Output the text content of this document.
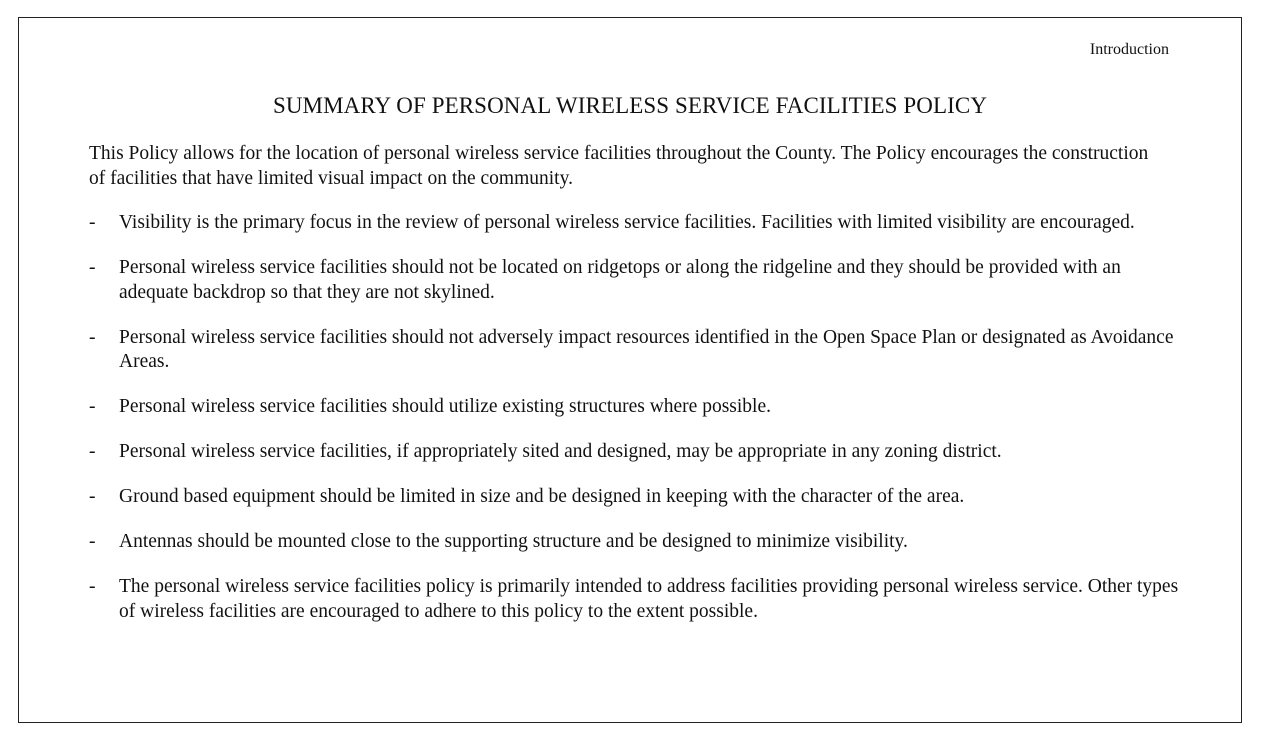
Introduction
SUMMARY OF PERSONAL WIRELESS SERVICE FACILITIES POLICY

This Policy allows for the location of personal wireless service facilities throughout the County. The Policy encourages the construction of facilities that have limited visual impact on the community.

- Visibility is the primary focus in the review of personal wireless service facilities. Facilities with limited visibility are encouraged.
- Personal wireless service facilities should not be located on ridgetops or along the ridgeline and they should be provided with an adequate backdrop so that they are not skylined.
- Personal wireless service facilities should not adversely impact resources identified in the Open Space Plan or designated as Avoidance Areas.
- Personal wireless service facilities should utilize existing structures where possible.
- Personal wireless service facilities, if appropriately sited and designed, may be appropriate in any zoning district.
- Ground based equipment should be limited in size and be designed in keeping with the character of the area.
- Antennas should be mounted close to the supporting structure and be designed to minimize visibility.
- The personal wireless service facilities policy is primarily intended to address facilities providing personal wireless service. Other types of wireless facilities are encouraged to adhere to this policy to the extent possible.
